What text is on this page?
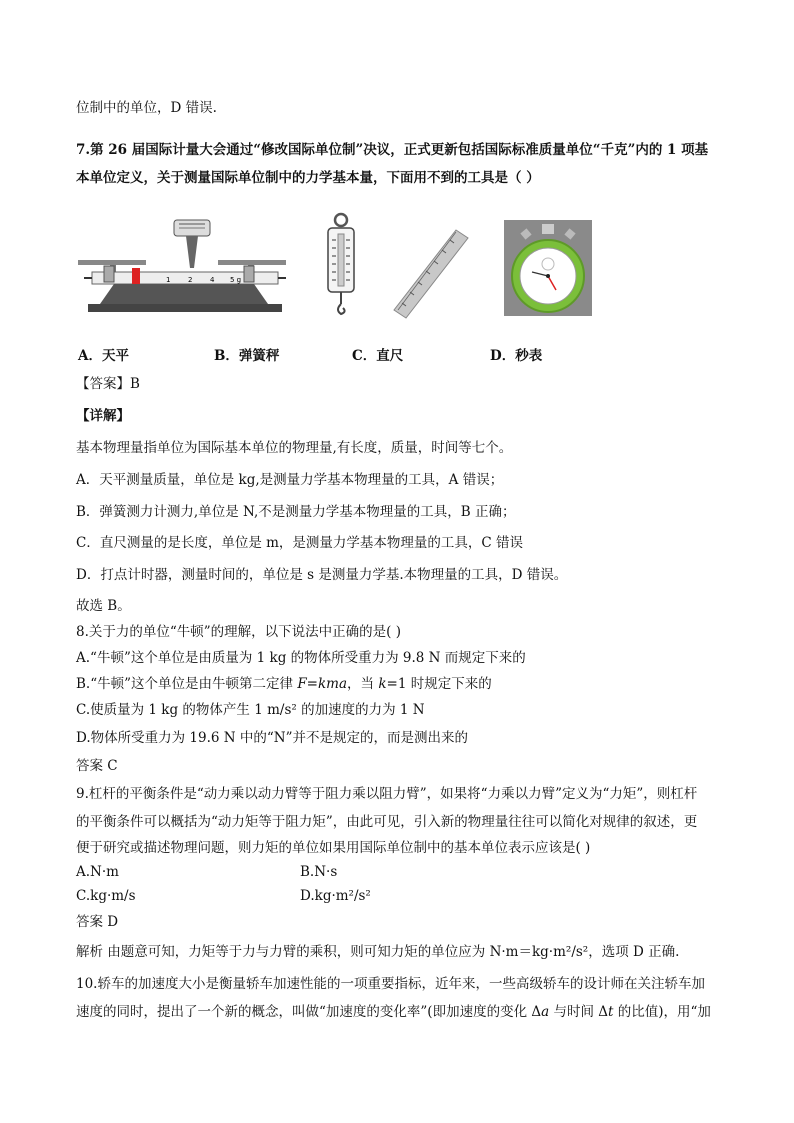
位制中的单位，D 错误.
7.第 26 届国际计量大会通过“修改国际单位制”决议，正式更新包括国际标准质量单位“千克”内的 1 项基
本单位定义，关于测量国际单位制中的力学基本量，下面用不到的工具是（ ）
1	2	4 5 g
A．天平	B．弹簧秤	C．直尺	D．秒表
【答案】B
【详解】
基本物理量指单位为国际基本单位的物理量,有长度，质量，时间等七个。
A．天平测量质量，单位是 kg,是测量力学基本物理量的工具，A 错误；
B．弹簧测力计测力,单位是 N,不是测量力学基本物理量的工具，B 正确；
C．直尺测量的是长度，单位是 m，是测量力学基本物理量的工具，C 错误
D．打点计时器，测量时间的，单位是 s 是测量力学基.本物理量的工具，D 错误。
故选 B。
8.关于力的单位“牛顿”的理解，以下说法中正确的是( )
A.“牛顿”这个单位是由质量为 1 kg 的物体所受重力为 9.8 N 而规定下来的
B.“牛顿”这个单位是由牛顿第二定律 F=kma，当 k=1 时规定下来的
C.使质量为 1 kg 的物体产生 1 m/s² 的加速度的力为 1 N
D.物体所受重力为 19.6 N 中的“N”并不是规定的，而是测出来的
答案 C
9.杠杆的平衡条件是“动力乘以动力臂等于阻力乘以阻力臂”，如果将“力乘以力臂”定义为“力矩”，则杠杆
的平衡条件可以概括为“动力矩等于阻力矩”，由此可见，引入新的物理量往往可以简化对规律的叙述，更
便于研究或描述物理问题，则力矩的单位如果用国际单位制中的基本单位表示应该是( )
A.N·m	B.N·s
C.kg·m/s	D.kg·m²/s²
答案 D
解析 由题意可知，力矩等于力与力臂的乘积，则可知力矩的单位应为 N·m＝kg·m²/s²，选项 D 正确.
10.轿车的加速度大小是衡量轿车加速性能的一项重要指标，近年来，一些高级轿车的设计师在关注轿车加
速度的同时，提出了一个新的概念，叫做“加速度的变化率”(即加速度的变化 Δa 与时间 Δt 的比值)，用“加
